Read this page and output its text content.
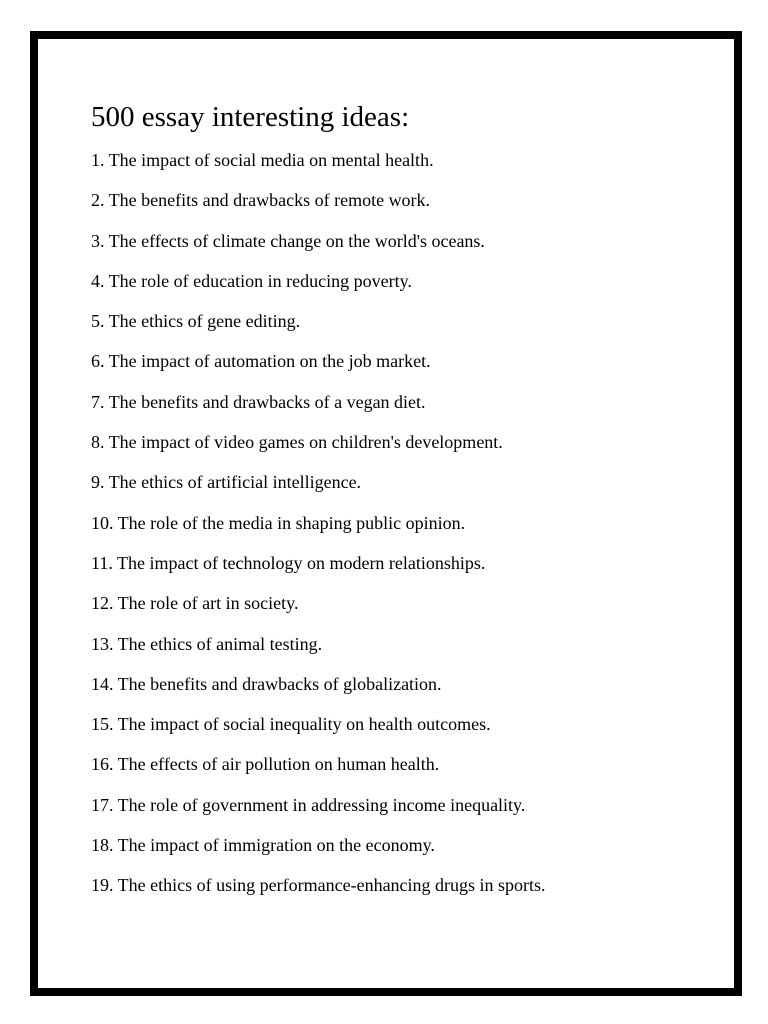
500 essay interesting ideas:
1. The impact of social media on mental health.
2. The benefits and drawbacks of remote work.
3. The effects of climate change on the world's oceans.
4. The role of education in reducing poverty.
5. The ethics of gene editing.
6. The impact of automation on the job market.
7. The benefits and drawbacks of a vegan diet.
8. The impact of video games on children's development.
9. The ethics of artificial intelligence.
10. The role of the media in shaping public opinion.
11. The impact of technology on modern relationships.
12. The role of art in society.
13. The ethics of animal testing.
14. The benefits and drawbacks of globalization.
15. The impact of social inequality on health outcomes.
16. The effects of air pollution on human health.
17. The role of government in addressing income inequality.
18. The impact of immigration on the economy.
19. The ethics of using performance-enhancing drugs in sports.
